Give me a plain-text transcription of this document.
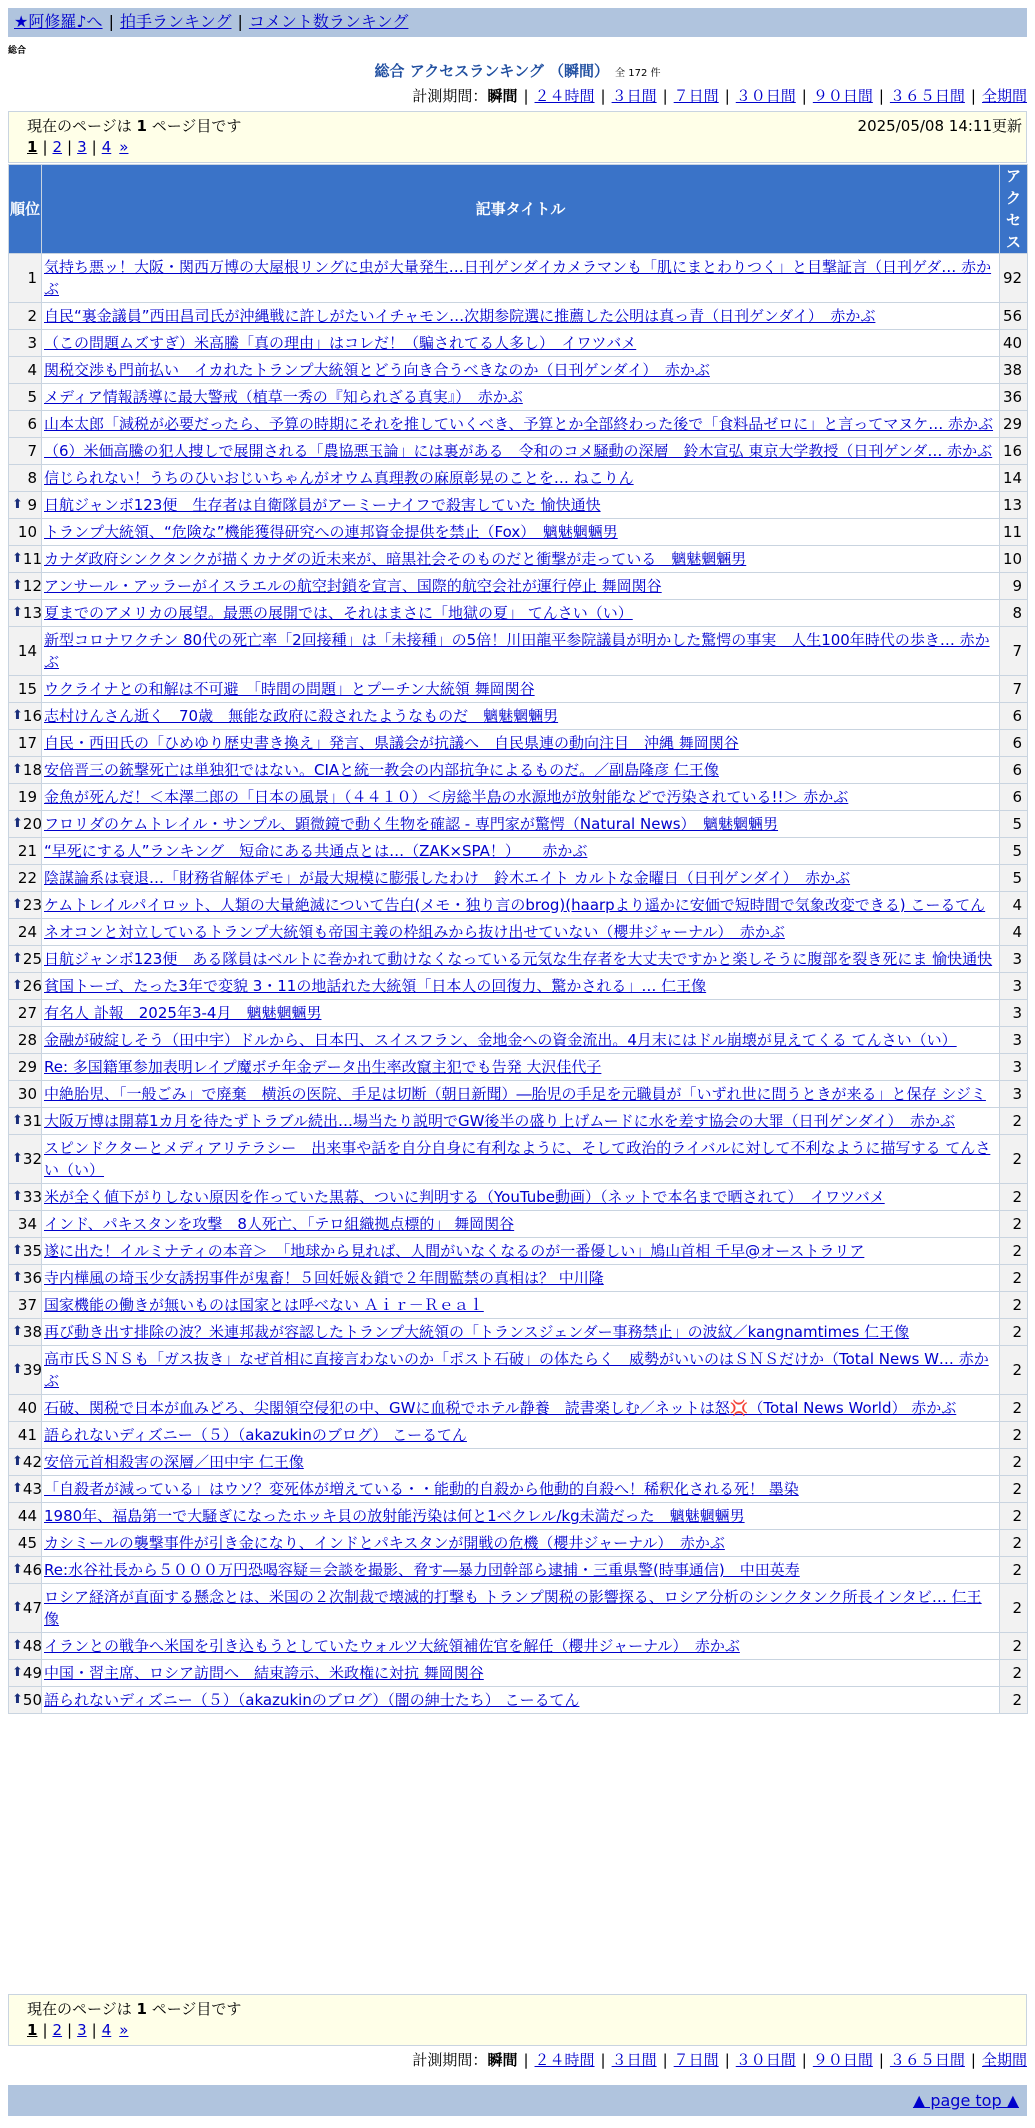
★阿修羅♪へ | 拍手ランキング | コメント数ランキング
総合
総合 アクセスランキング （瞬間） 全 172 件
計測期間：瞬間 | ２４時間 | ３日間 | ７日間 | ３０日間 | ９０日間 | ３６５日間 | 全期間
現在のページは 1 ページ目です	2025/05/08 14:11更新
1 | 2 | 3 | 4 »
順位	記事タイトル	アクセス
1	気持ち悪ッ！大阪・関西万博の大屋根リングに虫が大量発生…日刊ゲンダイカメラマンも「肌にまとわりつく」と目撃証言（日刊ゲダ… 赤かぶ	92
2	自民“裏金議員”西田昌司氏が沖縄戦に許しがたいイチャモン…次期参院選に推薦した公明は真っ青（日刊ゲンダイ）　赤かぶ	56
3	（この問題ムズすぎ）米高騰「真の理由」はコレだ！（騙されてる人多し）　イワツバメ	40
4	関税交渉も門前払い　イカれたトランプ大統領とどう向き合うべきなのか（日刊ゲンダイ）　赤かぶ	38
5	メディア情報誘導に最大警戒（植草一秀の『知られざる真実』）　赤かぶ	36
6	山本太郎「減税が必要だったら、予算の時期にそれを推していくべき、予算とか全部終わった後で「食料品ゼロに」と言ってマヌケ… 赤かぶ	29
7	（6）米価高騰の犯人捜しで展開される「農協悪玉論」には裏がある　令和のコメ騒動の深層　鈴木宣弘 東京大学教授（日刊ゲンダ… 赤かぶ	16
8	信じられない！うちのひいおじいちゃんがオウム真理教の麻原彰晃のことを… ねこりん	14

⬆ 9	日航ジャンボ123便　生存者は自衛隊員がアーミーナイフで殺害していた 愉快通快	13
10	トランプ大統領、“危険な”機能獲得研究への連邦資金提供を禁止（Fox）　魑魅魍魎男	11

⬆ 11	カナダ政府シンクタンクが描くカナダの近未来が、暗黒社会そのものだと衝撃が走っている　魑魅魍魎男	10

⬆ 12	アンサール・アッラーがイスラエルの航空封鎖を宣言、国際的航空会社が運行停止 舞岡関谷	9

⬆ 13	夏までのアメリカの展望。最悪の展開では、それはまさに「地獄の夏」 てんさい（い）	8
14	新型コロナワクチン 80代の死亡率「2回接種」は「未接種」の5倍！川田龍平参院議員が明かした驚愕の事実　人生100年時代の歩き… 赤かぶ	7
15	ウクライナとの和解は不可避　「時間の問題」とプーチン大統領 舞岡関谷	7

⬆ 16	志村けんさん逝く　70歳　無能な政府に殺されたようなものだ　魑魅魍魎男	6
17	自民・西田氏の「ひめゆり歴史書き換え」発言、県議会が抗議へ　自民県連の動向注目　沖縄 舞岡関谷	6

⬆ 18	安倍晋三の銃撃死亡は単独犯ではない。CIAと統一教会の内部抗争によるものだ。／副島隆彦 仁王像	6
19	金魚が死んだ！＜本澤二郎の「日本の風景」（４４１０）＜房総半島の水源地が放射能などで汚染されている!!＞ 赤かぶ	6

⬆ 20	フロリダのケムトレイル・サンプル、顕微鏡で動く生物を確認 - 専門家が驚愕（Natural News）　魑魅魍魎男	5
21	“早死にする人”ランキング　短命にある共通点とは…（ZAK×SPA！）　　赤かぶ	5
22	陰謀論系は衰退…「財務省解体デモ」が最大規模に膨張したわけ　鈴木エイト カルトな金曜日（日刊ゲンダイ）　赤かぶ	5

⬆ 23	ケムトレイルパイロット、人類の大量絶滅について告白(メモ・独り言のbrog)(haarpより遥かに安価で短時間で気象改変できる) こーるてん	4
24	ネオコンと対立しているトランプ大統領も帝国主義の枠組みから抜け出せていない（櫻井ジャーナル）　赤かぶ	4

⬆ 25	日航ジャンボ123便　ある隊員はベルトに巻かれて動けなくなっている元気な生存者を大丈夫ですかと楽しそうに腹部を裂き死にま 愉快通快	3

⬆ 26	貧国トーゴ、たった3年で変貌 3・11の地話れた大統領「日本人の回復力、驚かされる」… 仁王像	3
27	有名人 訃報　2025年3-4月　魑魅魍魎男	3
28	金融が破綻しそう（田中宇）ドルから、日本円、スイスフラン、金地金への資金流出。4月末にはドル崩壊が見えてくる てんさい（い）	3
29	Re: 多国籍軍参加表明レイプ魔ボチ年金データ出生率改竄主犯でも告発 大沢佳代子	3
30	中絶胎児、「一般ごみ」で廃棄　横浜の医院、手足は切断（朝日新聞）―胎児の手足を元職員が「いずれ世に問うときが来る」と保存 シジミ	3

⬆ 31	大阪万博は開幕1カ月を待たずトラブル続出…場当たり説明でGW後半の盛り上げムードに水を差す協会の大罪（日刊ゲンダイ）　赤かぶ	2

⬆ 32	スピンドクターとメディアリテラシー　出来事や話を自分自身に有利なように、そして政治的ライバルに対して不利なように描写する てんさい（い）	2

⬆ 33	米が全く値下がりしない原因を作っていた黒幕、ついに判明する（YouTube動画）（ネットで本名まで晒されて）　イワツバメ	2
34	インド、パキスタンを攻撃　8人死亡、「テロ組織拠点標的」 舞岡関谷	2

⬆ 35	遂に出た！イルミナティの本音＞　「地球から見れば、人間がいなくなるのが一番優しい」鳩山首相 千早@オーストラリア	2

⬆ 36	寺内樺風の埼玉少女誘拐事件が鬼畜！５回妊娠＆鎖で２年間監禁の真相は？ 中川隆	2
37	国家機能の働きが無いものは国家とは呼べない Ａｉｒ－Ｒｅａｌ	2

⬆ 38	再び動き出す排除の波？米連邦裁が容認したトランプ大統領の「トランスジェンダー事務禁止」の波紋／kangnamtimes 仁王像	2

⬆ 39	高市氏ＳＮＳも「ガス抜き」なぜ首相に直接言わないのか「ポスト石破」の体たらく　威勢がいいのはＳＮＳだけか（Total News W… 赤かぶ	2
40	石破、関税で日本が血みどろ、尖閣領空侵犯の中、GWに血税でホテル静養　読書楽しむ／ネットは怒💢（Total News World） 赤かぶ	2
41	語られないディズニー（５）（akazukinのブログ） こーるてん	2

⬆ 42	安倍元首相殺害の深層／田中宇 仁王像	2

⬆ 43	「自殺者が減っている」はウソ？変死体が増えている・・能動的自殺から他動的自殺へ！稀釈化される死！ 墨染	2
44	1980年、福島第一で大騒ぎになったホッキ貝の放射能汚染は何と1ベクレル/kg未満だった　魑魅魍魎男	2
45	カシミールの襲撃事件が引き金になり、インドとパキスタンが開戦の危機（櫻井ジャーナル）　赤かぶ	2

⬆ 46	Re:水谷社長から５０００万円恐喝容疑＝会談を撮影、脅す―暴力団幹部ら逮捕・三重県警(時事通信)　中田英寿	2

⬆ 47	ロシア経済が直面する懸念とは、米国の２次制裁で壊滅的打撃も トランプ関税の影響探る、ロシア分析のシンクタンク所長インタビ… 仁王像	2

⬆ 48	イランとの戦争へ米国を引き込もうとしていたウォルツ大統領補佐官を解任（櫻井ジャーナル）　赤かぶ	2

⬆ 49	中国・習主席、ロシア訪問へ　結束誇示、米政権に対抗 舞岡関谷	2

⬆ 50	語られないディズニー（５）（akazukinのブログ）（闇の紳士たち） こーるてん	2
現在のページは 1 ページ目です
1 | 2 | 3 | 4 »
計測期間：瞬間 | ２４時間 | ３日間 | ７日間 | ３０日間 | ９０日間 | ３６５日間 | 全期間
▲ page top ▲
